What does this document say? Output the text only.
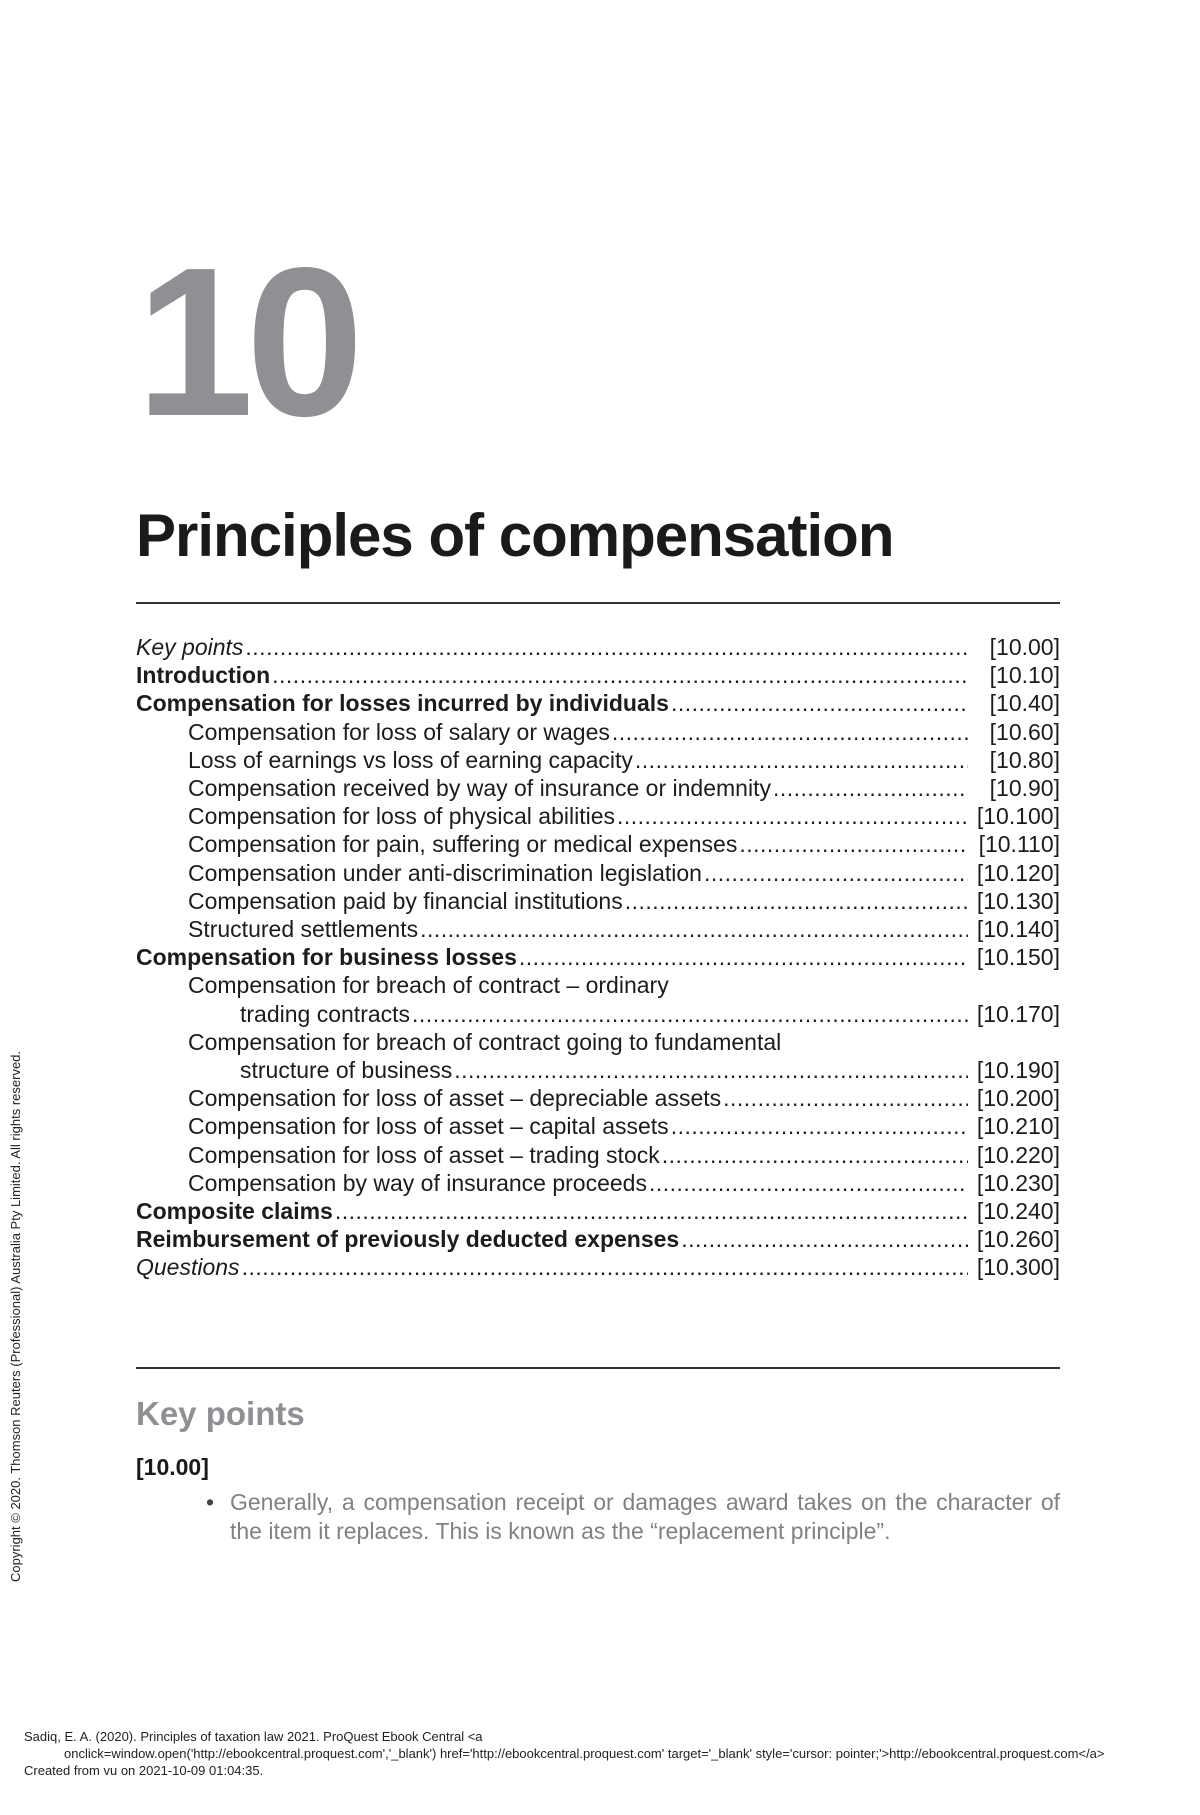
10
Principles of compensation
Key points .....	[10.00]
Introduction .....	[10.10]
Compensation for losses incurred by individuals .....	[10.40]
Compensation for loss of salary or wages .....	[10.60]
Loss of earnings vs loss of earning capacity .....	[10.80]
Compensation received by way of insurance or indemnity .....	[10.90]
Compensation for loss of physical abilities .....	[10.100]
Compensation for pain, suffering or medical expenses .....	[10.110]
Compensation under anti-discrimination legislation .....	[10.120]
Compensation paid by financial institutions .....	[10.130]
Structured settlements .....	[10.140]
Compensation for business losses .....	[10.150]
Compensation for breach of contract – ordinary
trading contracts .....	[10.170]
Compensation for breach of contract going to fundamental
structure of business .....	[10.190]
Compensation for loss of asset – depreciable assets .....	[10.200]
Compensation for loss of asset – capital assets .....	[10.210]
Compensation for loss of asset – trading stock .....	[10.220]
Compensation by way of insurance proceeds .....	[10.230]
Composite claims .....	[10.240]
Reimbursement of previously deducted expenses .....	[10.260]
Questions .....	[10.300]
Key points
[10.00]
• Generally, a compensation receipt or damages award takes on the character of the item it replaces. This is known as the “replacement principle”.
Copyright © 2020. Thomson Reuters (Professional) Australia Pty Limited. All rights reserved.
Sadiq, E. A. (2020). Principles of taxation law 2021. ProQuest Ebook Central <a
onclick=window.open('http://ebookcentral.proquest.com','_blank') href='http://ebookcentral.proquest.com' target='_blank' style='cursor: pointer;'>http://ebookcentral.proquest.com</a>
Created from vu on 2021-10-09 01:04:35.
